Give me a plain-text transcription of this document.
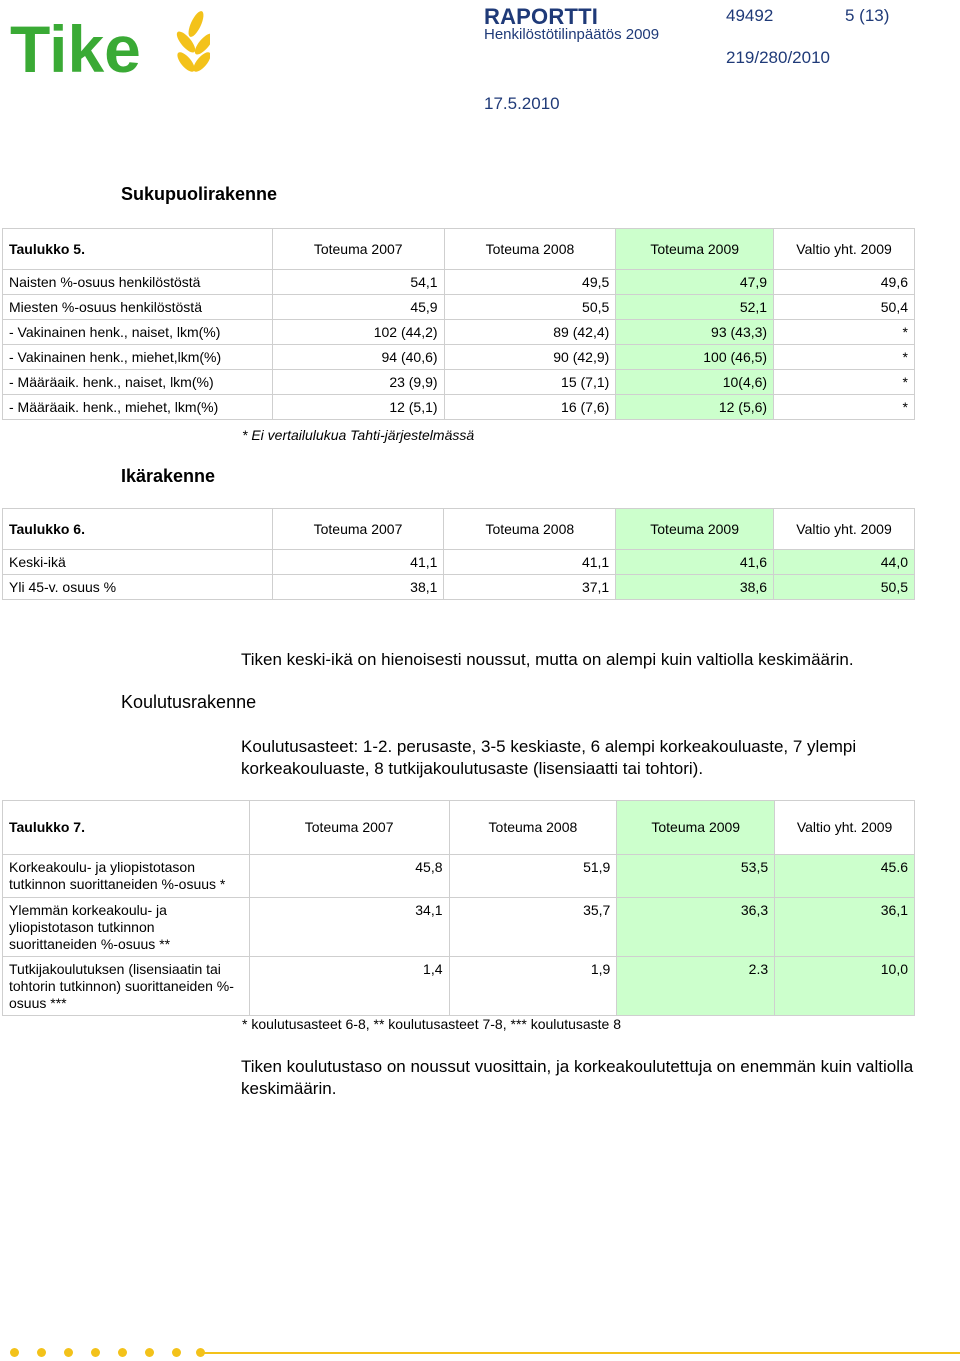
Tike	RAPORTTI
Henkilöstötilinpäätös 2009
49492	5 (13)
219/280/2010
17.5.2010
Sukupuolirakenne
Taulukko 5.	Toteuma 2007	Toteuma 2008	Toteuma 2009	Valtio yht. 2009
Naisten %-osuus henkilöstöstä	54,1	49,5	47,9	49,6
Miesten %-osuus henkilöstöstä	45,9	50,5	52,1	50,4
- Vakinainen henk., naiset, lkm(%)	102 (44,2)	89 (42,4)	93 (43,3)	*
- Vakinainen henk., miehet,lkm(%)	94 (40,6)	90 (42,9)	100 (46,5)	*
- Määräaik. henk., naiset, lkm(%)	23 (9,9)	15 (7,1)	10(4,6)	*
- Määräaik. henk., miehet, lkm(%)	12 (5,1)	16 (7,6)	12 (5,6)	*
* Ei vertailulukua Tahti-järjestelmässä
Ikärakenne
Taulukko 6.	Toteuma 2007	Toteuma 2008	Toteuma 2009	Valtio yht. 2009
Keski-ikä	41,1	41,1	41,6	44,0
Yli 45-v. osuus %	38,1	37,1	38,6	50,5
Tiken keski-ikä on hienoisesti noussut, mutta on alempi kuin valtiolla keskimäärin.
Koulutusrakenne
Koulutusasteet: 1-2. perusaste, 3-5 keskiaste, 6 alempi korkeakouluaste, 7 ylempi korkeakouluaste, 8 tutkijakoulutusaste (lisensiaatti tai tohtori).
Taulukko 7.	Toteuma 2007	Toteuma 2008	Toteuma 2009	Valtio yht. 2009
Korkeakoulu- ja yliopistotason tutkinnon suorittaneiden %-osuus *	45,8	51,9	53,5	45.6
Ylemmän korkeakoulu- ja yliopistotason tutkinnon suorittaneiden %-osuus **	34,1	35,7	36,3	36,1
Tutkijakoulutuksen (lisensiaatin tai tohtorin tutkinnon) suorittaneiden %-osuus ***	1,4	1,9	2.3	10,0
* koulutusasteet 6-8, ** koulutusasteet 7-8, *** koulutusaste 8
Tiken koulutustaso on noussut vuosittain, ja korkeakoulutettuja on enemmän kuin valtiolla keskimäärin.
